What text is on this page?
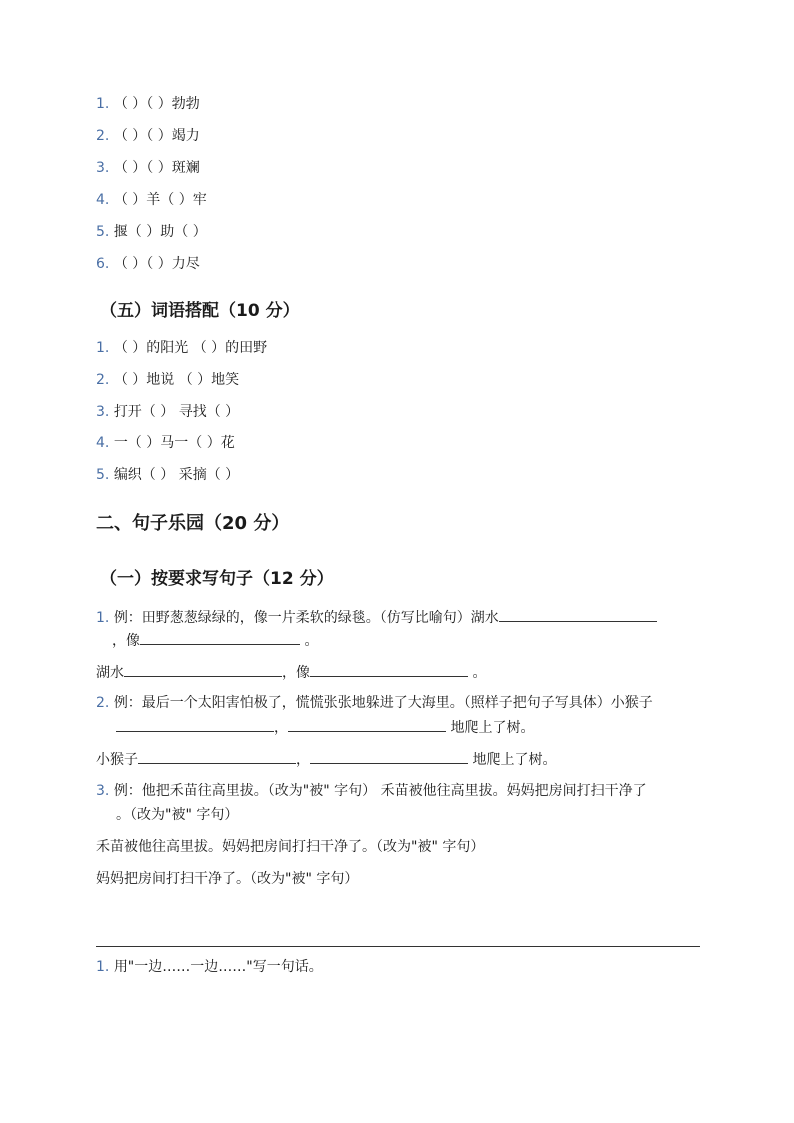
1. （ ）（ ）勃勃
2. （ ）（ ）竭力
3. （ ）（ ）斑斓
4. （ ）羊（ ）牢
5. 揠（ ）助（ ）
6. （ ）（ ）力尽
（五）词语搭配（10 分）
1. （ ）的阳光 （ ）的田野
2. （ ）地说 （ ）地笑
3. 打开（ ） 寻找（ ）
4. 一（ ）马一（ ）花
5. 编织（ ） 采摘（ ）
二、句子乐园（20 分）
（一）按要求写句子（12 分）
1. 例：田野葱葱绿绿的，像一片柔软的绿毯。（仿写比喻句）湖水
，像	。
湖水	，像	。
2. 例：最后一个太阳害怕极了，慌慌张张地躲进了大海里。（照样子把句子写具体）小猴子
，	地爬上了树。
小猴子	，	地爬上了树。
3. 例：他把禾苗往高里拔。（改为"被" 字句） 禾苗被他往高里拔。妈妈把房间打扫干净了
。（改为"被" 字句）
禾苗被他往高里拔。妈妈把房间打扫干净了。（改为"被" 字句）
妈妈把房间打扫干净了。（改为"被" 字句）
1. 用"一边……一边……"写一句话。
